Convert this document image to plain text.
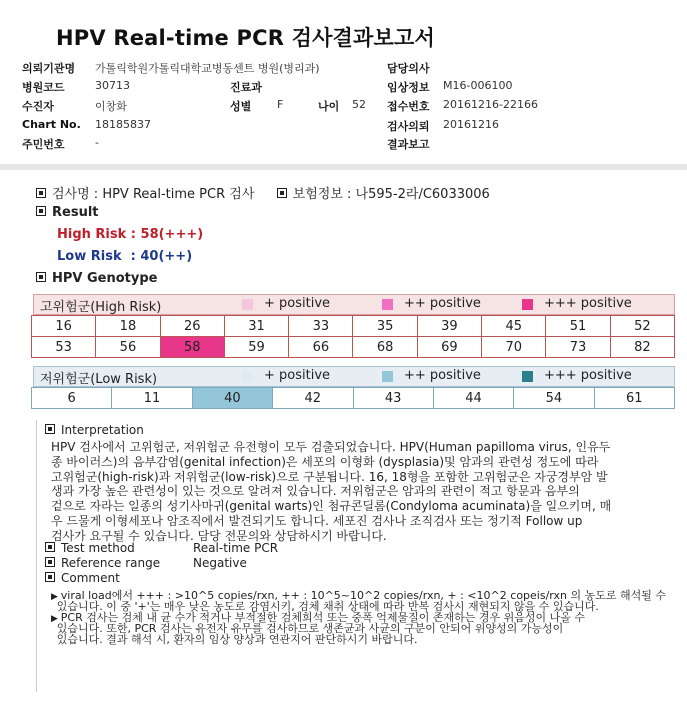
HPV Real-time PCR 검사결과보고서
의뢰기관명 가톨릭학원가톨릭대학교병동센트 병원(병리과)
병원코드	30713
수진자	이창화
Chart No. 18185837
주민번호	-
진료과
성별 F	나이 52
담당의사
임상정보 M16-006100
접수번호 20161216-22166
검사의뢰 20161216
결과보고
검사명 : HPV Real-time PCR 검사	보험정보 : 나595-2라/C6033006
Result
High Risk : 58(+++)
Low Risk  : 40(++)
HPV Genotype
고위험군(High Risk)	+ positive	++ positive	+++ positive
16	18	26	31	33	35	39	45	51	52
53	56	58	59	66	68	69	70	73	82
저위험군(Low Risk)	+ positive	++ positive	+++ positive
6	11	40	42	43	44	54	61
Interpretation
HPV 검사에서 고위험군, 저위험군 유전형이 모두 검출되었습니다. HPV(Human papilloma virus, 인유두
종 바이러스)의 음부감염(genital infection)은 세포의 이형화 (dysplasia)및 암과의 관련성 정도에 따라
고위험군(high-risk)과 저위험군(low-risk)으로 구분됩니다. 16, 18형을 포함한 고위험군은 자궁경부암 발
생과 가장 높은 관련성이 있는 것으로 알려져 있습니다. 저위험군은 암과의 관련이 적고 항문과 음부의
겉으로 자라는 일종의 성기사마귀(genital warts)인 첨규콘딜롬(Condyloma acuminata)을 일으키며, 매
우 드물게 이형세포나 암조직에서 발견되기도 합니다. 세포진 검사나 조직검사 또는 정기적 Follow up
검사가 요구될 수 있습니다. 담당 전문의와 상담하시기 바랍니다.
Test method	Real-time PCR
Reference range	Negative
Comment
▶ viral load에서 +++ : >10^5 copies/rxn, ++ : 10^5~10^2 copies/rxn, + : <10^2 copeis/rxn 의 농도로 해석될 수
있습니다. 이 중 '+'는 매우 낮은 농도로 감염시키, 검체 채취 상태에 따라 반복 검사시 재현되지 않을 수 있습니다.
▶ PCR 검사는 검체 내 균 수가 적거나 부적절한 검체희석 또는 중폭 억제물질이 존재하는 경우 위음성이 나올 수
있습니다. 또한, PCR 검사는 유전자 유무를 검사하므로 생존균과 사균의 구분이 안되어 위양성의 가능성이
있습니다. 결과 해석 시, 환자의 임상 양상과 연관지어 판단하시기 바랍니다.
